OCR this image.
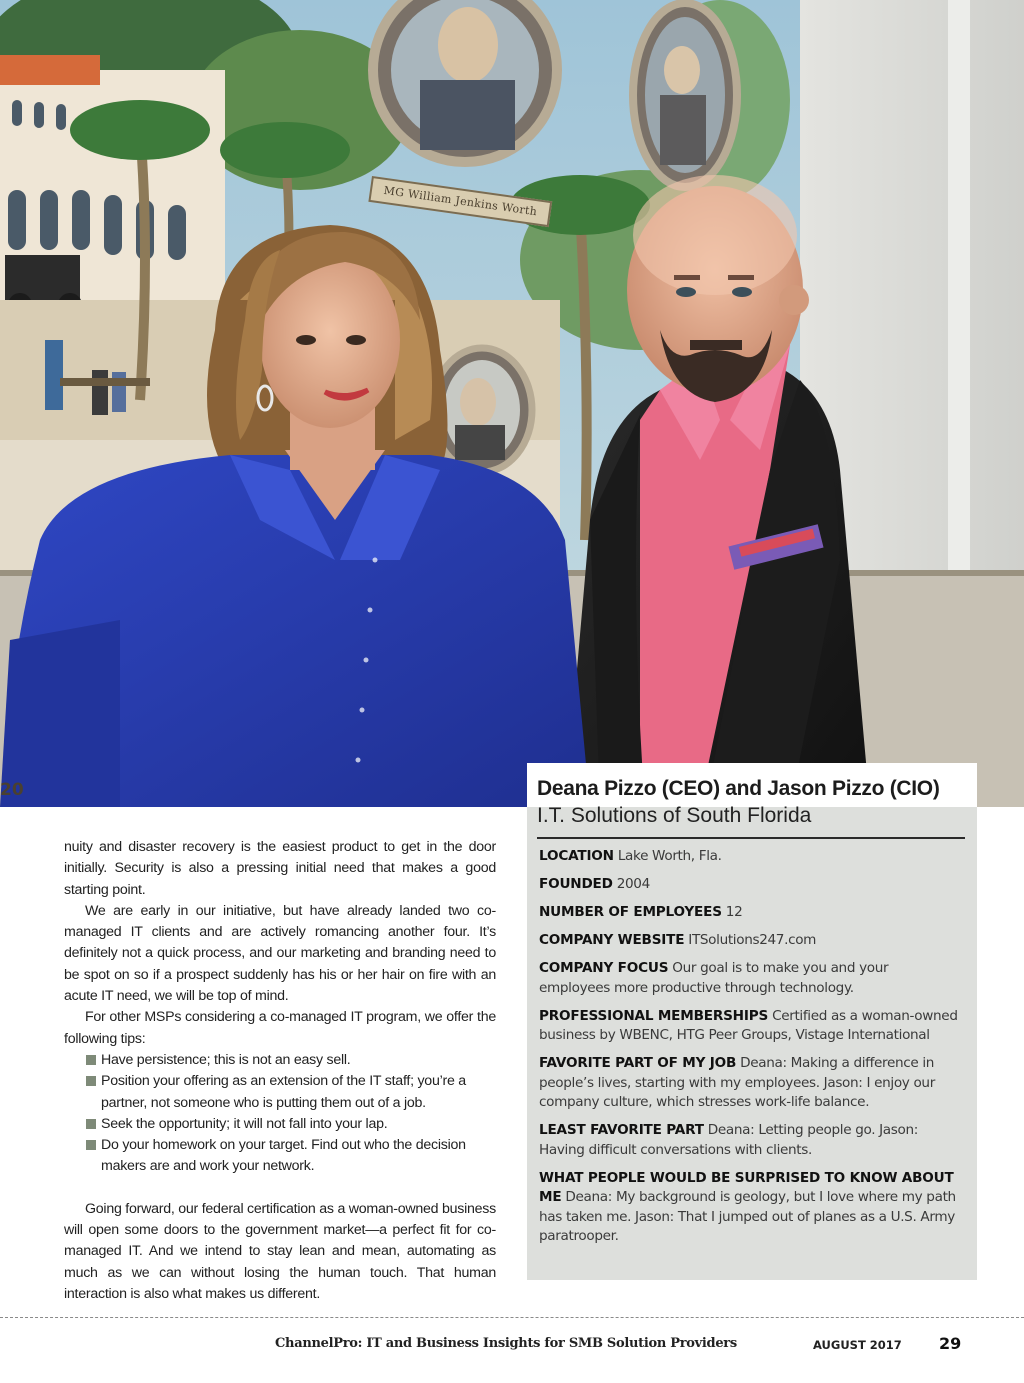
MG William Jenkins Worth
20	Deana Pizzo (CEO) and Jason Pizzo (CIO)
I.T. Solutions of South Florida

LOCATION Lake Worth, Fla.

FOUNDED 2004

NUMBER OF EMPLOYEES 12

COMPANY WEBSITE ITSolutions247.com

COMPANY FOCUS Our goal is to make you and your employees more productive through technology.

PROFESSIONAL MEMBERSHIPS Certified as a woman-owned business by WBENC, HTG Peer Groups, Vistage International

FAVORITE PART OF MY JOB Deana: Making a difference in people’s lives, starting with my employees. Jason: I enjoy our company culture, which stresses work-life balance.

LEAST FAVORITE PART Deana: Letting people go. Jason: Having difficult conversations with clients.

WHAT PEOPLE WOULD BE SURPRISED TO KNOW ABOUT ME Deana: My background is geology, but I love where my path has taken me. Jason: That I jumped out of planes as a U.S. Army paratrooper.

nuity and disaster recovery is the easiest product to get in the door initially. Security is also a pressing initial need that makes a good starting point.

We are early in our initiative, but have already landed two co-managed IT clients and are actively romancing another four. It’s definitely not a quick process, and our marketing and branding need to be spot on so if a prospect suddenly has his or her hair on fire with an acute IT need, we will be top of mind.

For other MSPs considering a co-managed IT program, we offer the following tips:

Have persistence; this is not an easy sell.
Position your offering as an extension of the IT staff; you’re a partner, not someone who is putting them out of a job.
Seek the opportunity; it will not fall into your lap.
Do your homework on your target. Find out who the decision makers are and work your network.

Going forward, our federal certification as a woman-owned business will open some doors to the government market—a perfect fit for co-managed IT. And we intend to stay lean and mean, automating as much as we can without losing the human touch. That human interaction is also what makes us different.

ChannelPro: IT and Business Insights for SMB Solution Providers	AUGUST 2017 29
